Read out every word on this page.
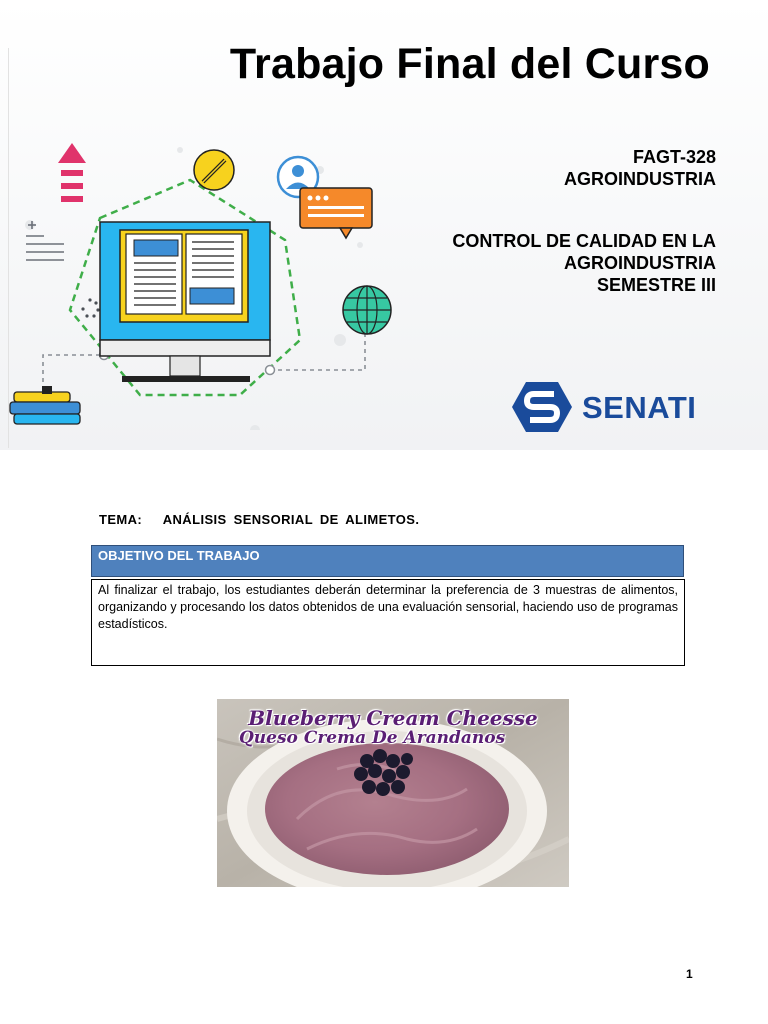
Trabajo Final del Curso
FAGT-328
AGROINDUSTRIA
CONTROL DE CALIDAD EN LA
AGROINDUSTRIA
SEMESTRE III
SENATI
TEMA: ANÁLISIS SENSORIAL DE ALIMETOS.
OBJETIVO DEL TRABAJO
Al finalizar el trabajo, los estudiantes deberán determinar la preferencia de 3 muestras de alimentos, organizando y procesando los datos obtenidos de una evaluación sensorial, haciendo uso de programas estadísticos.
Blueberry Cream Cheesse
Queso Crema De Arandanos
1
